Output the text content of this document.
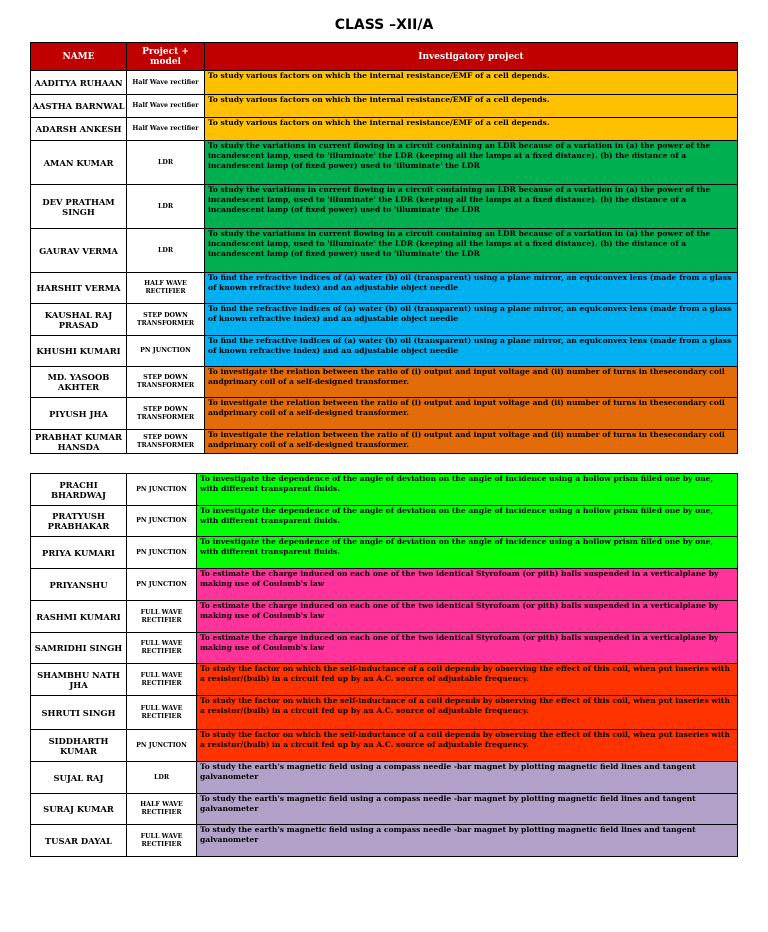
CLASS –XII/A
NAME	Project + model	Investigatory project
AADITYA RUHAAN	Half Wave rectifier	To study various factors on which the internal resistance/EMF of a cell depends.
AASTHA BARNWAL	Half Wave rectifier	To study various factors on which the internal resistance/EMF of a cell depends.
ADARSH ANKESH	Half Wave rectifier	To study various factors on which the internal resistance/EMF of a cell depends.
AMAN KUMAR	LDR	To study the variations in current flowing in a circuit containing an LDR because of a variation in (a) the power of the incandescent lamp, used to 'illuminate' the LDR (keeping all the lamps at a fixed distance). (b) the distance of a incandescent lamp (of fixed power) used to 'illuminate' the LDR
DEV PRATHAM SINGH	LDR	To study the variations in current flowing in a circuit containing an LDR because of a variation in (a) the power of the incandescent lamp, used to 'illuminate' the LDR (keeping all the lamps at a fixed distance). (b) the distance of a incandescent lamp (of fixed power) used to 'illuminate' the LDR
GAURAV VERMA	LDR	To study the variations in current flowing in a circuit containing an LDR because of a variation in (a) the power of the incandescent lamp, used to 'illuminate' the LDR (keeping all the lamps at a fixed distance). (b) the distance of a incandescent lamp (of fixed power) used to 'illuminate' the LDR
HARSHIT VERMA	HALF WAVE RECTIFIER	To find the refractive indices of (a) water (b) oil (transparent) using a plane mirror, an equiconvex lens (made from a glass of known refractive index) and an adjustable object needle
KAUSHAL RAJ PRASAD	STEP DOWN TRANSFORMER	To find the refractive indices of (a) water (b) oil (transparent) using a plane mirror, an equiconvex lens (made from a glass of known refractive index) and an adjustable object needle
KHUSHI KUMARI	PN JUNCTION	To find the refractive indices of (a) water (b) oil (transparent) using a plane mirror, an equiconvex lens (made from a glass of known refractive index) and an adjustable object needle
MD. YASOOB AKHTER	STEP DOWN TRANSFORMER	To investigate the relation between the ratio of (i) output and input voltage and (ii) number of turns in thesecondary coil andprimary coil of a self-designed transformer.
PIYUSH JHA	STEP DOWN TRANSFORMER	To investigate the relation between the ratio of (i) output and input voltage and (ii) number of turns in thesecondary coil andprimary coil of a self-designed transformer.
PRABHAT KUMAR HANSDA	STEP DOWN TRANSFORMER	To investigate the relation between the ratio of (i) output and input voltage and (ii) number of turns in thesecondary coil andprimary coil of a self-designed transformer.
PRACHI BHARDWAJ	PN JUNCTION	To investigate the dependence of the angle of deviation on the angle of incidence using a hollow prism filled one by one, with different transparent fluids.
PRATYUSH PRABHAKAR	PN JUNCTION	To investigate the dependence of the angle of deviation on the angle of incidence using a hollow prism filled one by one, with different transparent fluids.
PRIYA KUMARI	PN JUNCTION	To investigate the dependence of the angle of deviation on the angle of incidence using a hollow prism filled one by one, with different transparent fluids.
PRIYANSHU	PN JUNCTION	To estimate the charge induced on each one of the two identical Styrofoam (or pith) balls suspended in a verticalplane by making use of Coulomb's law
RASHMI KUMARI	FULL WAVE RECTIFIER	To estimate the charge induced on each one of the two identical Styrofoam (or pith) balls suspended in a verticalplane by making use of Coulomb's law
SAMRIDHI SINGH	FULL WAVE RECTIFIER	To estimate the charge induced on each one of the two identical Styrofoam (or pith) balls suspended in a verticalplane by making use of Coulomb's law
SHAMBHU NATH JHA	FULL WAVE RECTIFIER	To study the factor on which the self-inductance of a coil depends by observing the effect of this coil, when put inseries with a resistor/(bulb) in a circuit fed up by an A.C. source of adjustable frequency.
SHRUTI SINGH	FULL WAVE RECTIFIER	To study the factor on which the self-inductance of a coil depends by observing the effect of this coil, when put inseries with a resistor/(bulb) in a circuit fed up by an A.C. source of adjustable frequency.
SIDDHARTH KUMAR	PN JUNCTION	To study the factor on which the self-inductance of a coil depends by observing the effect of this coil, when put inseries with a resistor/(bulb) in a circuit fed up by an A.C. source of adjustable frequency.
SUJAL RAJ	LDR	To study the earth's magnetic field using a compass needle -bar magnet by plotting magnetic field lines and tangent galvanometer
SURAJ KUMAR	HALF WAVE RECTIFIER	To study the earth's magnetic field using a compass needle -bar magnet by plotting magnetic field lines and tangent galvanometer
TUSAR DAYAL	FULL WAVE RECTIFIER	To study the earth's magnetic field using a compass needle -bar magnet by plotting magnetic field lines and tangent galvanometer
